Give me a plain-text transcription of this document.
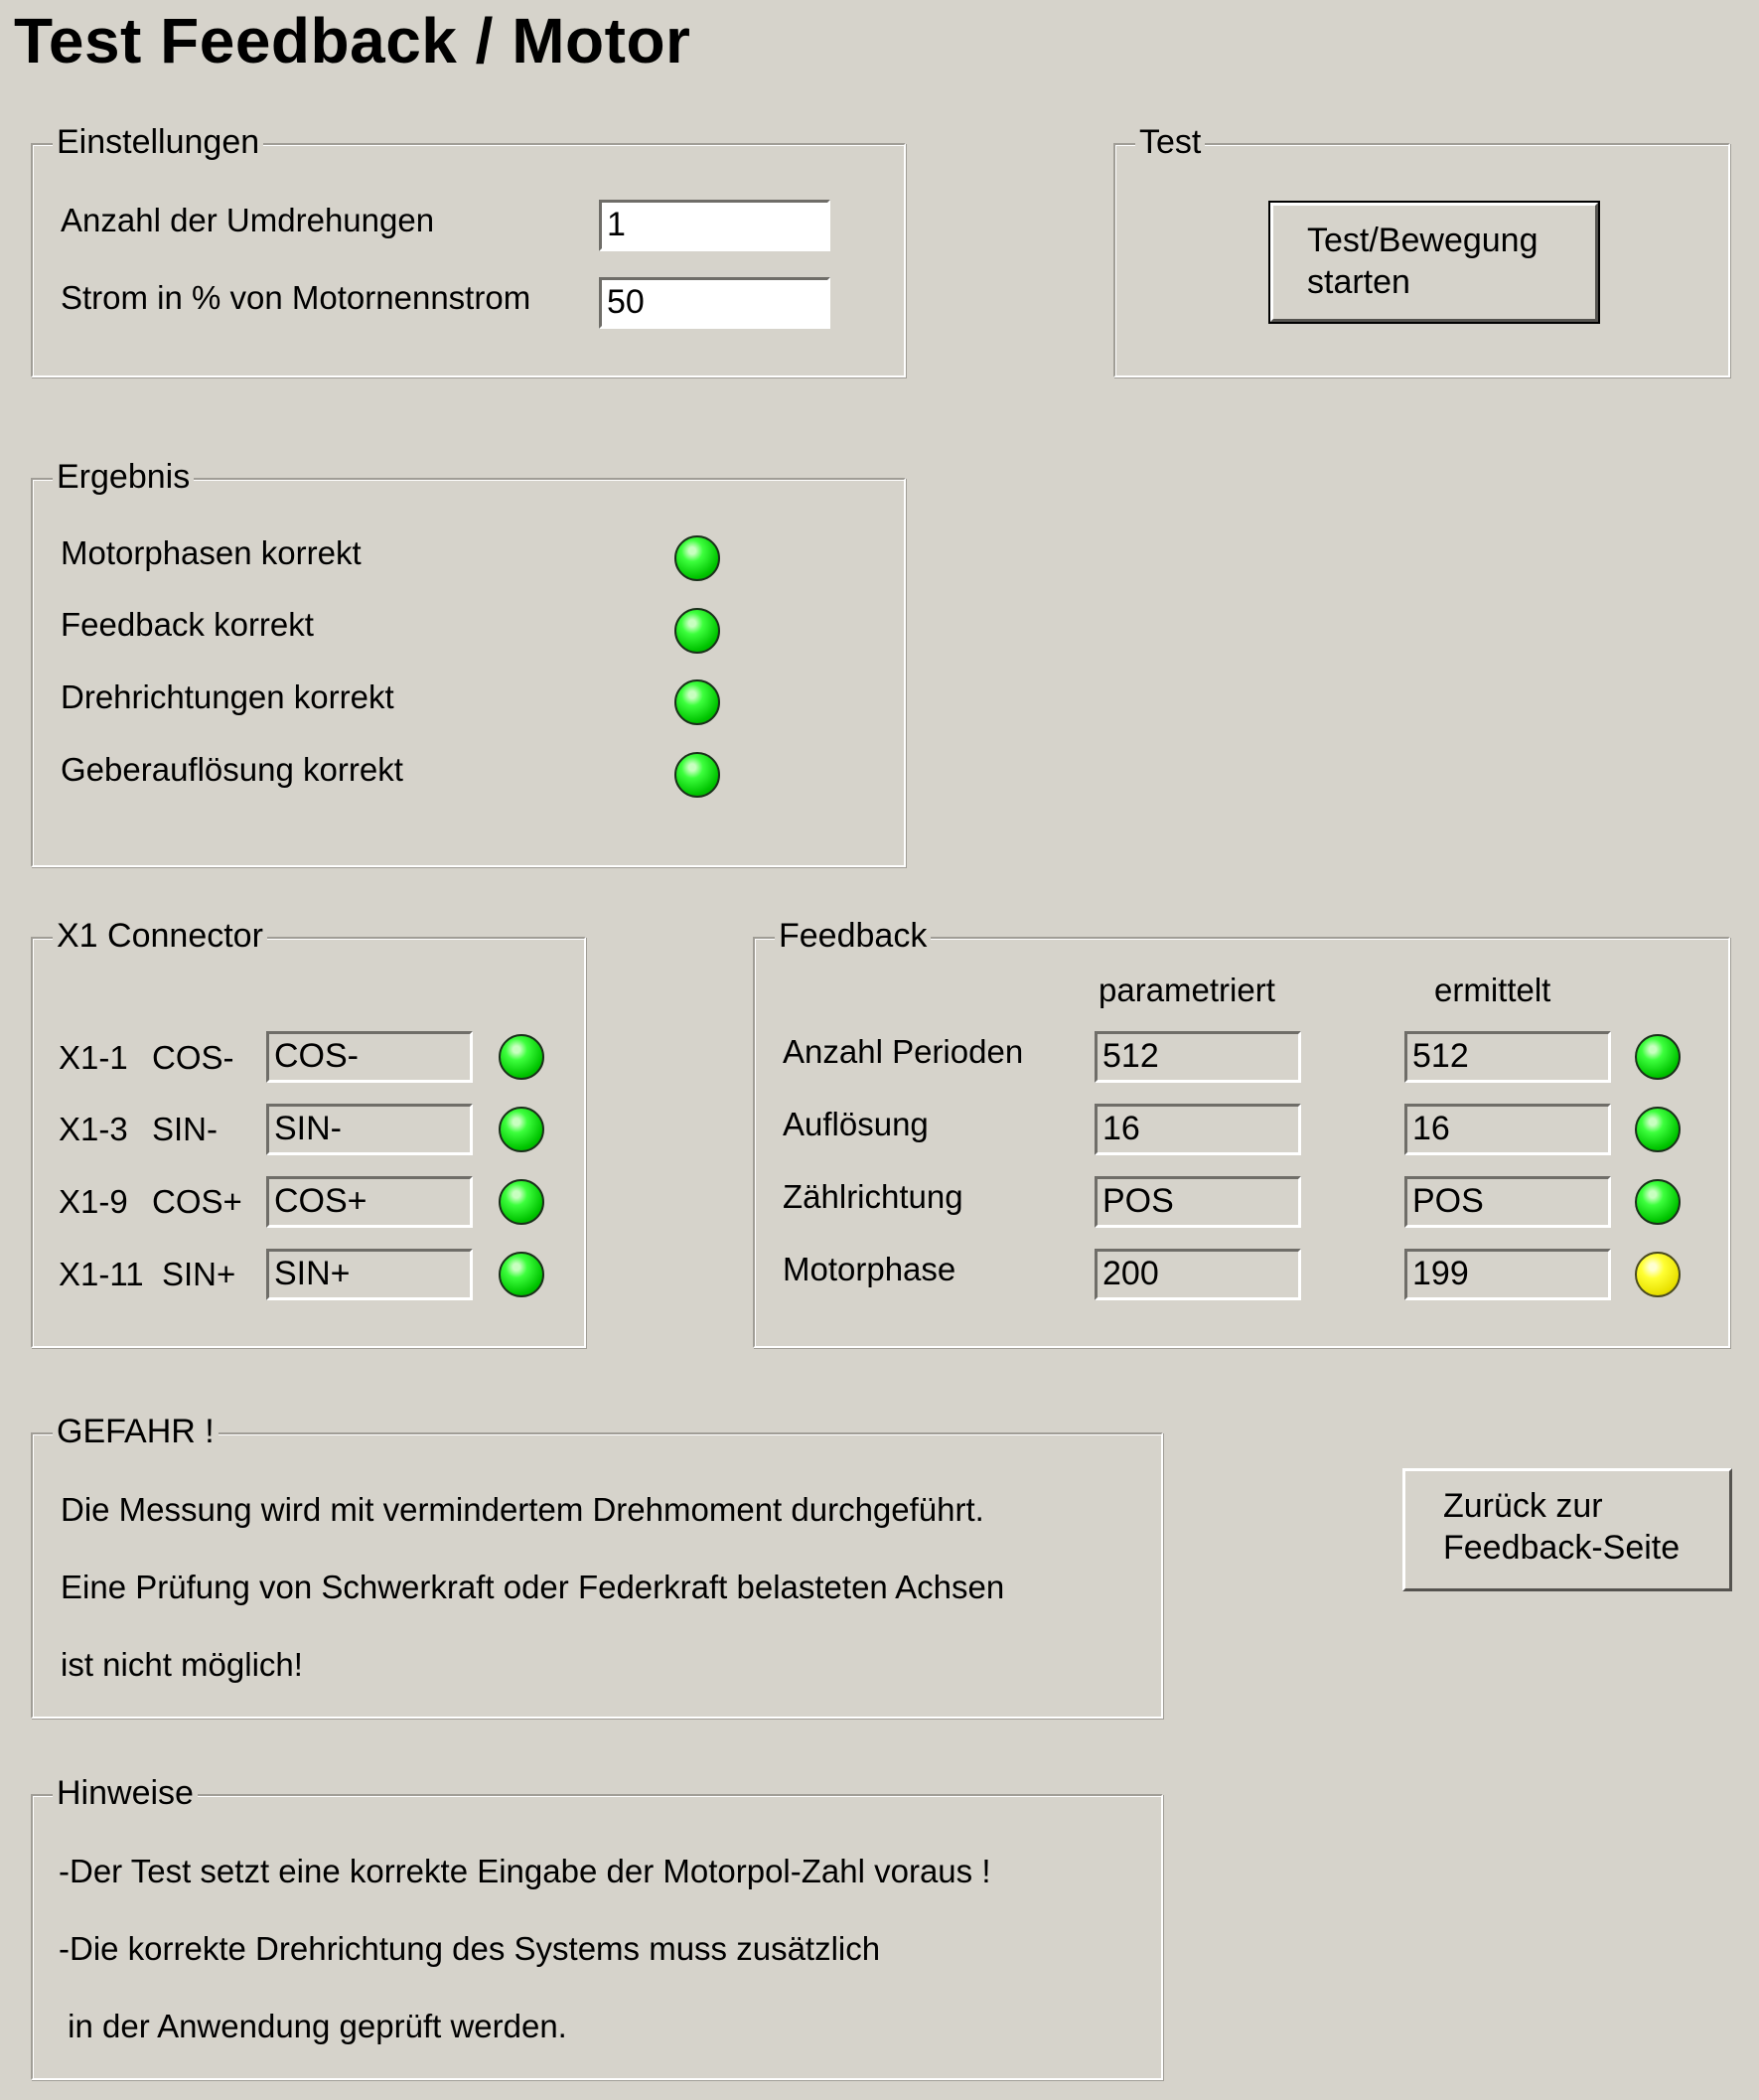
Test Feedback / Motor
Einstellungen
Anzahl der Umdrehungen	1
Strom in % von Motornennstrom 50
Test
Test/Bewegung
starten
Ergebnis
Motorphasen korrekt
Feedback korrekt
Drehrichtungen korrekt
Geberauflösung korrekt
X1 Connector
X1-1 COS- COS-
X1-3 SIN- SIN-
X1-9 COS+ COS+
X1-11 SIN+ SIN+
Feedback
parametriert	ermittelt
Anzahl Perioden 512	512
Auflösung	16	16
Zählrichtung	POS	POS
Motorphase	200	199
GEFAHR !
Die Messung wird mit vermindertem Drehmoment durchgeführt.
Eine Prüfung von Schwerkraft oder Federkraft belasteten Achsen
ist nicht möglich!
Zurück zur
Feedback-Seite
Hinweise
-Der Test setzt eine korrekte Eingabe der Motorpol-Zahl voraus !
-Die korrekte Drehrichtung des Systems muss zusätzlich
in der Anwendung geprüft werden.
